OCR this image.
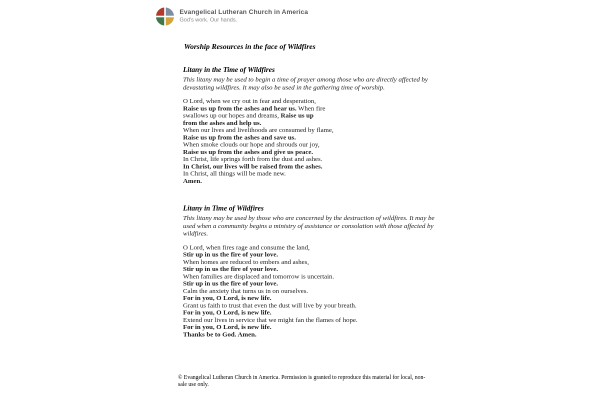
Evangelical Lutheran Church in America
God's work. Our hands.
Worship Resources in the face of Wildfires
Litany in the Time of Wildfires
This litany may be used to begin a time of prayer among those who are directly affected by devastating wildfires. It may also be used in the gathering time of worship.
O Lord, when we cry out in fear and desperation,
Raise us up from the ashes and hear us. When fire
swallows up our hopes and dreams, Raise us up
from the ashes and help us.
When our lives and livelihoods are consumed by flame,
Raise us up from the ashes and save us.
When smoke clouds our hope and shrouds our joy,
Raise us up from the ashes and give us peace.
In Christ, life springs forth from the dust and ashes.
In Christ, our lives will be raised from the ashes.
In Christ, all things will be made new.
Amen.
Litany in Time of Wildfires
This litany may be used by those who are concerned by the destruction of wildfires. It may be used when a community begins a ministry of assistance or consolation with those affected by wildfires.
O Lord, when fires rage and consume the land,
Stir up in us the fire of your love.
When homes are reduced to embers and ashes,
Stir up in us the fire of your love.
When families are displaced and tomorrow is uncertain.
Stir up in us the fire of your love.
Calm the anxiety that turns us in on ourselves.
For in you, O Lord, is new life.
Grant us faith to trust that even the dust will live by your breath.
For in you, O Lord, is new life.
Extend our lives in service that we might fan the flames of hope.
For in you, O Lord, is new life.
Thanks be to God. Amen.
© Evangelical Lutheran Church in America. Permission is granted to reproduce this material for local, non-sale use only.
